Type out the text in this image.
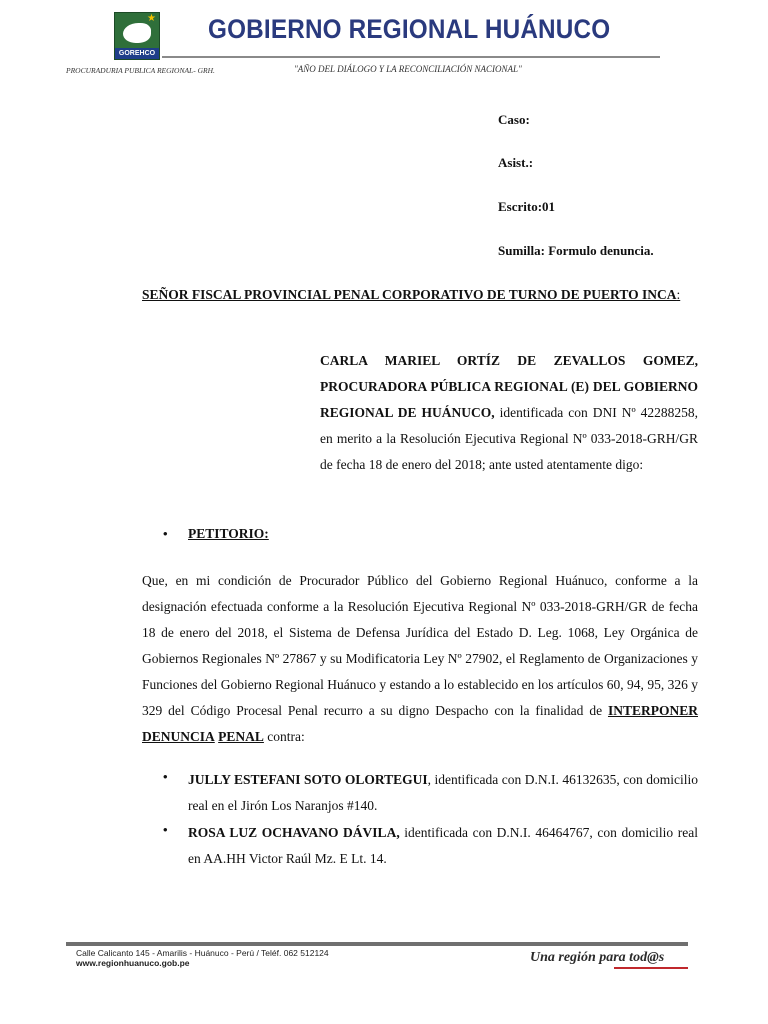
★
GOREHCO
GOBIERNO REGIONAL HUÁNUCO
PROCURADURIA PUBLICA REGIONAL- GRH.	"AÑO DEL DIÁLOGO Y LA RECONCILIACIÓN NACIONAL"
Caso:
Asist.:
Escrito:01
Sumilla: Formulo denuncia.
SEÑOR FISCAL PROVINCIAL PENAL CORPORATIVO DE TURNO DE PUERTO INCA:
CARLA MARIEL ORTÍZ DE ZEVALLOS GOMEZ, PROCURADORA PÚBLICA REGIONAL (E) DEL GOBIERNO REGIONAL DE HUÁNUCO, identificada con DNI Nº 42288258, en merito a la Resolución Ejecutiva Regional Nº 033-2018-GRH/GR de fecha 18 de enero del 2018; ante usted atentamente digo:
• PETITORIO:
Que, en mi condición de Procurador Público del Gobierno Regional Huánuco, conforme a la designación efectuada conforme a la Resolución Ejecutiva Regional Nº 033-2018-GRH/GR de fecha 18 de enero del 2018, el Sistema de Defensa Jurídica del Estado D. Leg. 1068, Ley Orgánica de Gobiernos Regionales Nº 27867 y su Modificatoria Ley Nº 27902, el Reglamento de Organizaciones y Funciones del Gobierno Regional Huánuco y estando a lo establecido en los artículos 60, 94, 95, 326 y 329 del Código Procesal Penal recurro a su digno Despacho con la finalidad de INTERPONER DENUNCIA PENAL contra:
• JULLY ESTEFANI SOTO OLORTEGUI, identificada con D.N.I. 46132635, con domicilio real en el Jirón Los Naranjos #140.
• ROSA LUZ OCHAVANO DÁVILA, identificada con D.N.I. 46464767, con domicilio real en AA.HH Victor Raúl Mz. E Lt. 14.
Calle Calicanto 145 - Amarilis - Huánuco - Perú / Teléf. 062 512124
www.regionhuanuco.gob.pe	Una región para tod@s
